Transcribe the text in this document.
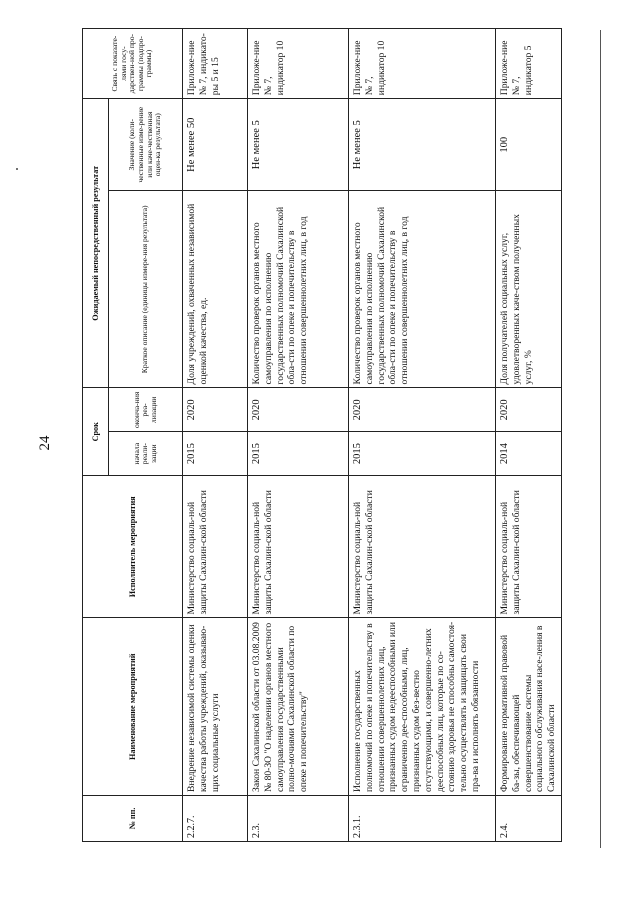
24
№ пп.	Наименование мероприятий	Исполнитель мероприятия	Срок		Ожидаемый непосредственный результат		Связь с показате-лями госу-дарствен-ной про-граммы (подпро-граммы)
			начала реали-зации	оконча-ния реа-лизации	Краткое описание (единицы измере-ния результата)	Значение (коли-чественные изме-рение или каче-чественная оцен-ка результата)	
2.2.7.	Внедрение независимой системы оценки качества работы учреждений, оказываю-щих социальные услуги	Министерство социаль-ной защиты Сахалин-ской области	2015	2020	Доля учреждений, охваченных независимой оценкой качества, ед.	Не менее 50	Приложе-ние № 7, индикато-ры 5 и 15
2.3.	Закон Сахалинской области от 03.08.2009 № 80-ЗО "О наделении органов местного самоуправления государственными полно-мочиями Сахалинской области по опеке и попечительству"	Министерство социаль-ной защиты Сахалин-ской области	2015	2020	Количество проверок органов местного самоуправления по исполнению государственных полномочий Сахалинской обла-сти по опеке и попечительству в отношении совершеннолетних лиц, в год	Не менее 5	Приложе-ние № 7, индикатор 10
2.3.1.	Исполнение государственных полномочий по опеке и попечительству в отношении совершеннолетних лиц, признанных судом недееспособными или ограниченно дее-способными, лиц, признанных судом без-вестно отсутствующими, и совершенно-летних дееспособных лиц, которые по со-стоянию здоровья не способны самостоя-тельно осуществлять и защищать свои пра-ва и исполнять обязанности	Министерство социаль-ной защиты Сахалин-ской области	2015	2020	Количество проверок органов местного самоуправления по исполнению государственных полномочий Сахалинской обла-сти по опеке и попечительству в отношении совершеннолетних лиц, в год	Не менее 5	Приложе-ние № 7, индикатор 10
2.4.	Формирование нормативной правовой ба-зы, обеспечивающей совершенствование системы социального обслуживания насе-ления в Сахалинской области	Министерство социаль-ной защиты Сахалин-ской области	2014	2020	Доля получателей социальных услуг, удовлетворенных каче-ством полученных услуг, %	100	Приложе-ние № 7, индикатор 5
